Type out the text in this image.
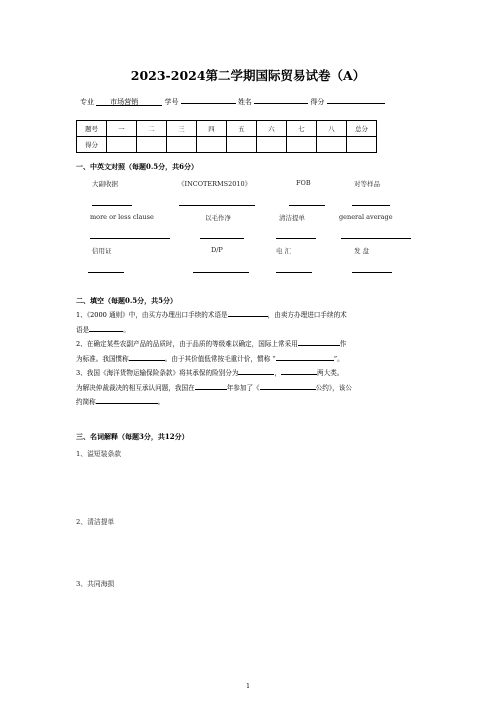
2023-2024第二学期国际贸易试卷（A）
专业 市场营销	学号	姓名	得分
题号	一	二	三	四	五	六	七	八	总分
得分									
一、中英文对照（每题0.5分，共6分）
大副收据	《INCOTERMS2010》	FOB	对等样品
more or less clause	以毛作净	清洁提单	general average
信用证	D/P	电 汇	发 盘
二、填空（每题0.5分，共5分）
1、《2000 通则》中，由买方办理出口手续的术语是	，由卖方办理进口手续的术
语是	。
2、在确定某些农副产品的品质时，由于品质的等级难以确定，国际上常采用	作
为标准。我国惯称	。由于其价值低常按毛重计价，惯称 “	”。
3、我国《海洋货物运输保险条款》将其承保的险别分为	，	两大类。
为解决仲裁裁决的相互承认问题，我国在	年参加了《	公约》，该公
约简称	。
三、名词解释（每题3分，共12分）
1、溢短装条款
2、清洁提单
3、共同海损
1
